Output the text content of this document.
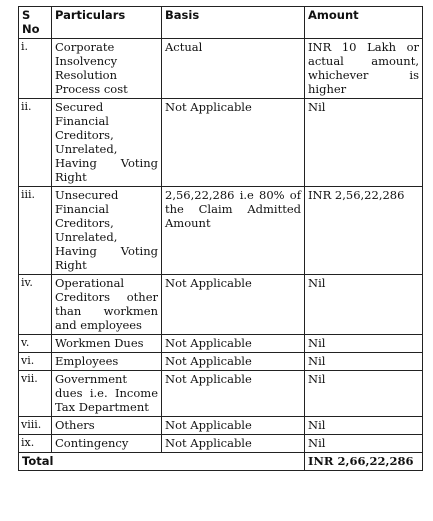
S No	Particulars	Basis	Amount
i.	Corporate Insolvency Resolution Process cost	Actual	INR 10 Lakh or actual amount, whichever is higher
ii.	Secured Financial Creditors, Unrelated, Having Voting Right	Not Applicable	Nil
iii.	Unsecured Financial Creditors, Unrelated, Having Voting Right	2,56,22,286 i.e 80% of the Claim Admitted Amount	INR 2,56,22,286
iv.	Operational Creditors other than workmen and employees	Not Applicable	Nil
v.	Workmen Dues	Not Applicable	Nil
vi.	Employees	Not Applicable	Nil
vii.	Government dues i.e. Income Tax Department	Not Applicable	Nil
viii.	Others	Not Applicable	Nil
ix.	Contingency	Not Applicable	Nil
Total			INR 2,66,22,286
